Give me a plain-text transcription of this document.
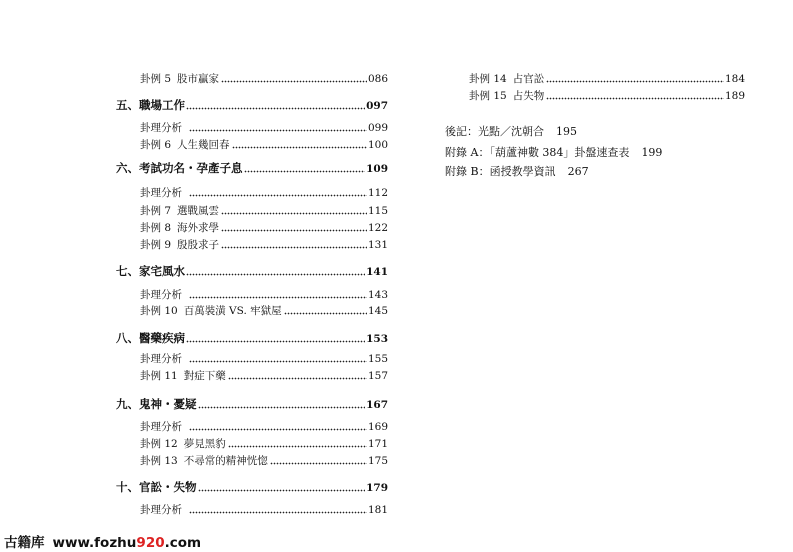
卦例 5 股市贏家	086
五、職場工作	097
卦理分析	099
卦例 6 人生幾回春	100
六、考試功名・孕產子息	109
卦理分析	112
卦例 7 選戰風雲	115
卦例 8 海外求學	122
卦例 9 殷殷求子	131
七、家宅風水	141
卦理分析	143
卦例 10 百萬裝潢 VS. 牢獄屋	145
八、醫藥疾病	153
卦理分析	155
卦例 11 對症下藥	157
九、鬼神・憂疑	167
卦理分析	169
卦例 12 夢見黑豹	171
卦例 13 不尋常的精神恍惚	175
十、官訟・失物	179
卦理分析	181
卦例 14 占官訟	184
卦例 15 占失物	189
後記：光點／沈朝合 195
附錄 A：「葫蘆神數 384」卦盤速查表 199
附錄 B：函授教學資訊 267
古籍库 www.fozhu920.com
